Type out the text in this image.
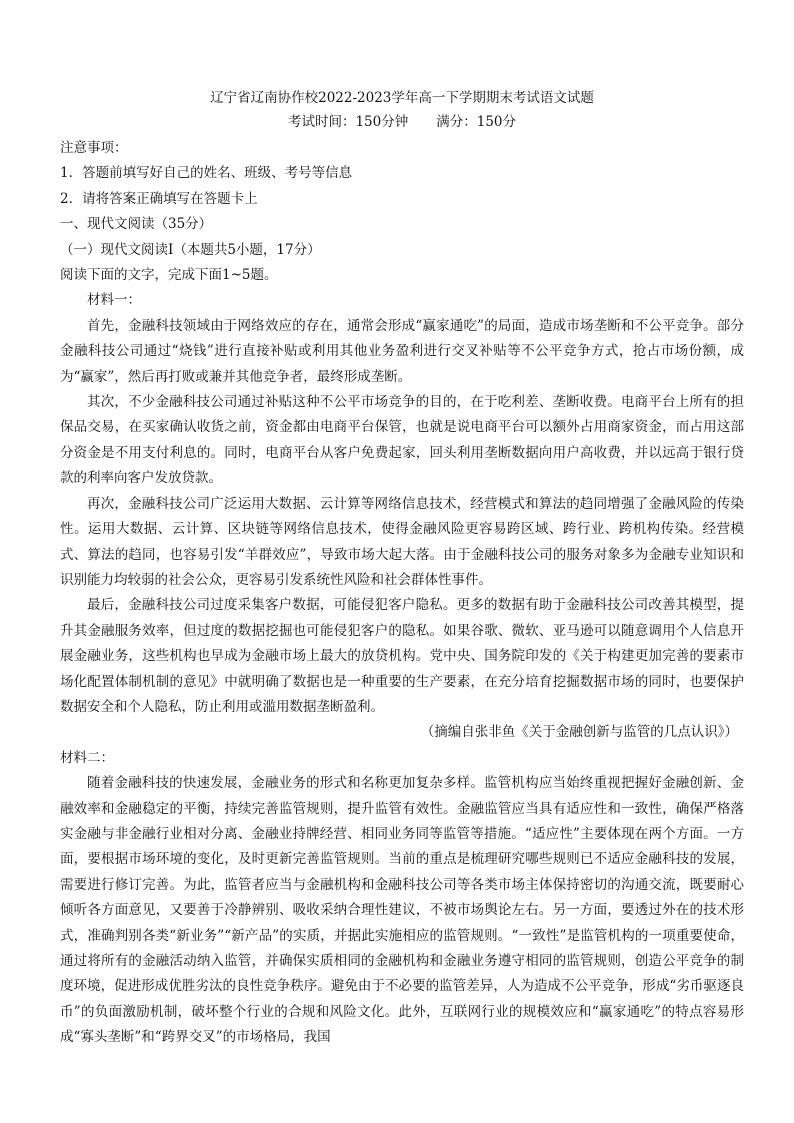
辽宁省辽南协作校2022-2023学年高一下学期期末考试语文试题

考试时间：150分钟 满分：150分

注意事项：

1．答题前填写好自己的姓名、班级、考号等信息

2．请将答案正确填写在答题卡上

一、现代文阅读（35分）

（一）现代文阅读Ⅰ（本题共5小题，17分）

阅读下面的文字，完成下面1~5题。

材料一：

首先，金融科技领域由于网络效应的存在，通常会形成“赢家通吃”的局面，造成市场垄断和不公平竞争。部分金融科技公司通过“烧钱”进行直接补贴或利用其他业务盈利进行交叉补贴等不公平竞争方式，抢占市场份额，成为“赢家”，然后再打败或兼并其他竞争者，最终形成垄断。

其次，不少金融科技公司通过补贴这种不公平市场竞争的目的，在于吃利差、垄断收费。电商平台上所有的担保品交易，在买家确认收货之前，资金都由电商平台保管，也就是说电商平台可以额外占用商家资金，而占用这部分资金是不用支付利息的。同时，电商平台从客户免费起家，回头利用垄断数据向用户高收费，并以远高于银行贷款的利率向客户发放贷款。

再次，金融科技公司广泛运用大数据、云计算等网络信息技术，经营模式和算法的趋同增强了金融风险的传染性。运用大数据、云计算、区块链等网络信息技术，使得金融风险更容易跨区域、跨行业、跨机构传染。经营模式、算法的趋同，也容易引发“羊群效应”，导致市场大起大落。由于金融科技公司的服务对象多为金融专业知识和识别能力均较弱的社会公众，更容易引发系统性风险和社会群体性事件。

最后，金融科技公司过度采集客户数据，可能侵犯客户隐私。更多的数据有助于金融科技公司改善其模型，提升其金融服务效率，但过度的数据挖掘也可能侵犯客户的隐私。如果谷歌、微软、亚马逊可以随意调用个人信息开展金融业务，这些机构也早成为金融市场上最大的放贷机构。党中央、国务院印发的《关于构建更加完善的要素市场化配置体制机制的意见》中就明确了数据也是一种重要的生产要素，在充分培育挖掘数据市场的同时，也要保护数据安全和个人隐私，防止利用或滥用数据垄断盈利。

（摘编自张非鱼《关于金融创新与监管的几点认识》）

材料二：

随着金融科技的快速发展，金融业务的形式和名称更加复杂多样。监管机构应当始终重视把握好金融创新、金融效率和金融稳定的平衡，持续完善监管规则，提升监管有效性。金融监管应当具有适应性和一致性，确保严格落实金融与非金融行业相对分离、金融业持牌经营、相同业务同等监管等措施。“适应性”主要体现在两个方面。一方面，要根据市场环境的变化，及时更新完善监管规则。当前的重点是梳理研究哪些规则已不适应金融科技的发展，需要进行修订完善。为此，监管者应当与金融机构和金融科技公司等各类市场主体保持密切的沟通交流，既要耐心倾听各方面意见，又要善于冷静辨别、吸收采纳合理性建议，不被市场舆论左右。另一方面，要透过外在的技术形式，准确判别各类“新业务”“新产品”的实质，并据此实施相应的监管规则。“一致性”是监管机构的一项重要使命，通过将所有的金融活动纳入监管，并确保实质相同的金融机构和金融业务遵守相同的监管规则，创造公平竞争的制度环境，促进形成优胜劣汰的良性竞争秩序。避免由于不必要的监管差异，人为造成不公平竞争，形成“劣币驱逐良币”的负面激励机制，破坏整个行业的合规和风险文化。此外，互联网行业的规模效应和“赢家通吃”的特点容易形成“寡头垄断”和“跨界交叉”的市场格局，我国
